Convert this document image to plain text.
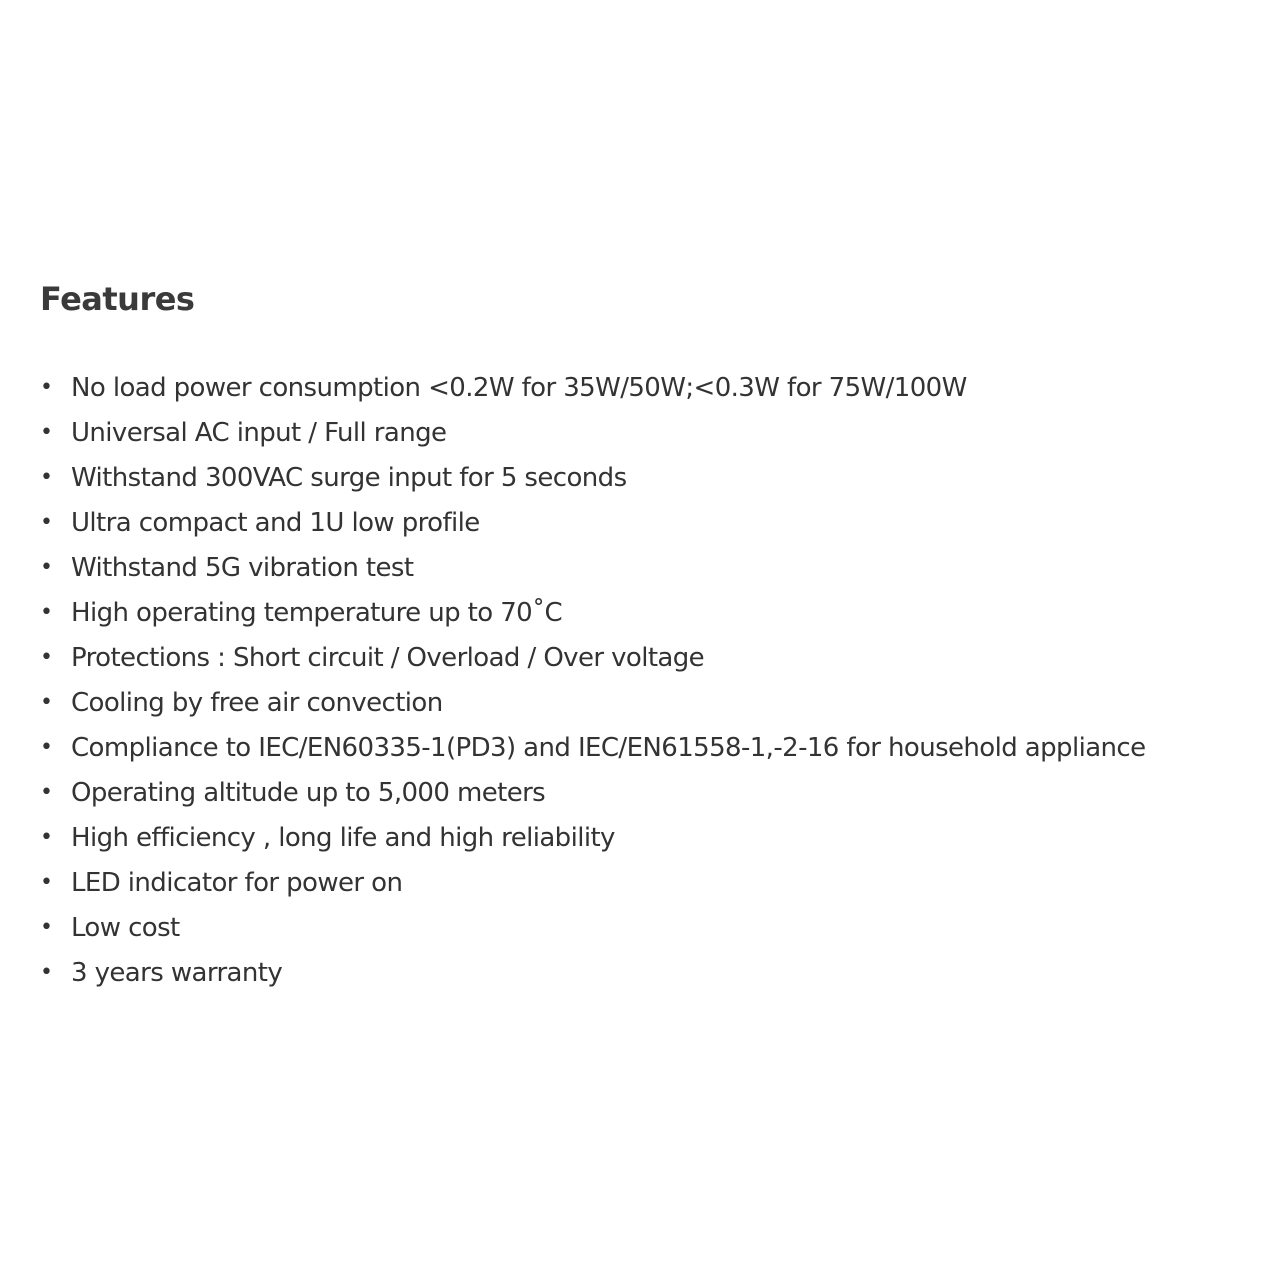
Features
• No load power consumption <0.2W for 35W/50W;<0.3W for 75W/100W
• Universal AC input / Full range
• Withstand 300VAC surge input for 5 seconds
• Ultra compact and 1U low profile
• Withstand 5G vibration test
• High operating temperature up to 70˚C
• Protections : Short circuit / Overload / Over voltage
• Cooling by free air convection
• Compliance to IEC/EN60335-1(PD3) and IEC/EN61558-1,-2-16 for household appliance
• Operating altitude up to 5,000 meters
• High efficiency , long life and high reliability
• LED indicator for power on
• Low cost
• 3 years warranty
